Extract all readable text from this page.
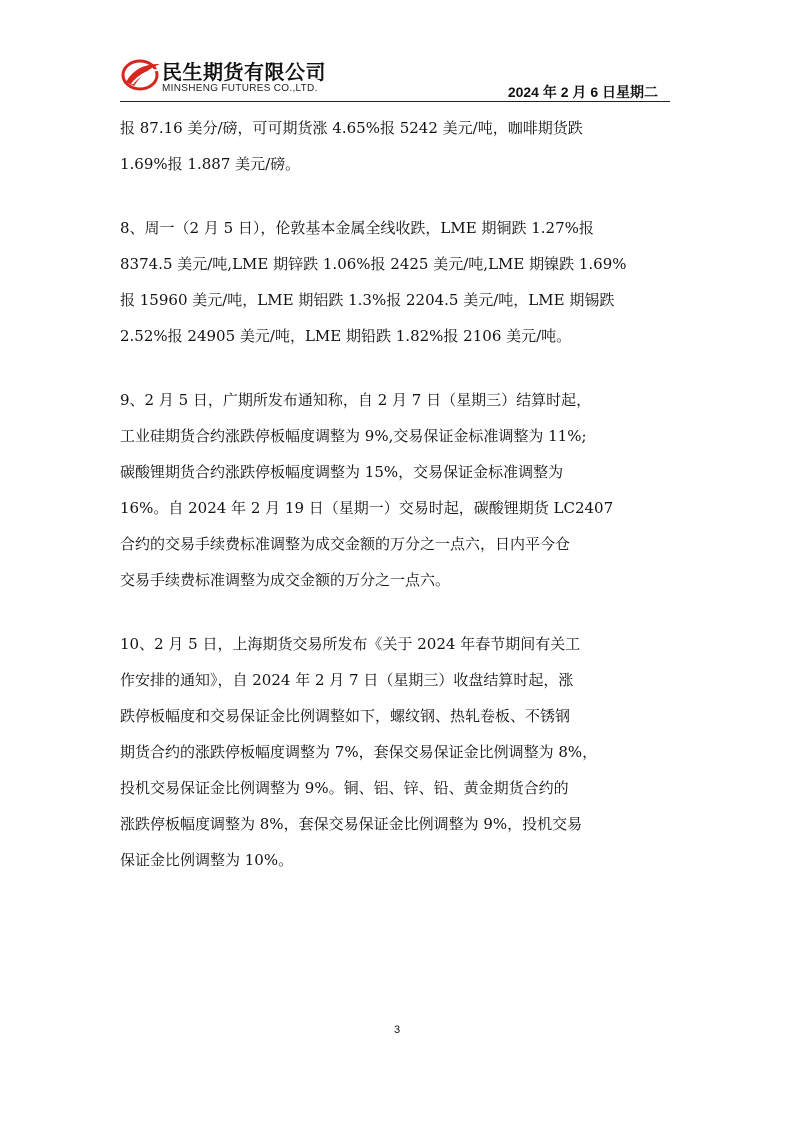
民生期货有限公司
MINSHENG FUTURES CO.,LTD.	2024 年 2 月 6 日星期二
报 87.16 美分/磅，可可期货涨 4.65%报 5242 美元/吨，咖啡期货跌
1.69%报 1.887 美元/磅。
8、周一（2 月 5 日），伦敦基本金属全线收跌，LME 期铜跌 1.27%报
8374.5 美元/吨,LME 期锌跌 1.06%报 2425 美元/吨,LME 期镍跌 1.69%
报 15960 美元/吨，LME 期铝跌 1.3%报 2204.5 美元/吨，LME 期锡跌
2.52%报 24905 美元/吨，LME 期铅跌 1.82%报 2106 美元/吨。
9、2 月 5 日，广期所发布通知称，自 2 月 7 日（星期三）结算时起，
工业硅期货合约涨跌停板幅度调整为 9%,交易保证金标准调整为 11%;
碳酸锂期货合约涨跌停板幅度调整为 15%，交易保证金标准调整为
16%。自 2024 年 2 月 19 日（星期一）交易时起，碳酸锂期货 LC2407
合约的交易手续费标准调整为成交金额的万分之一点六，日内平今仓
交易手续费标准调整为成交金额的万分之一点六。
10、2 月 5 日，上海期货交易所发布《关于 2024 年春节期间有关工
作安排的通知》，自 2024 年 2 月 7 日（星期三）收盘结算时起，涨
跌停板幅度和交易保证金比例调整如下，螺纹钢、热轧卷板、不锈钢
期货合约的涨跌停板幅度调整为 7%，套保交易保证金比例调整为 8%，
投机交易保证金比例调整为 9%。铜、铝、锌、铅、黄金期货合约的
涨跌停板幅度调整为 8%，套保交易保证金比例调整为 9%，投机交易
保证金比例调整为 10%。
3
